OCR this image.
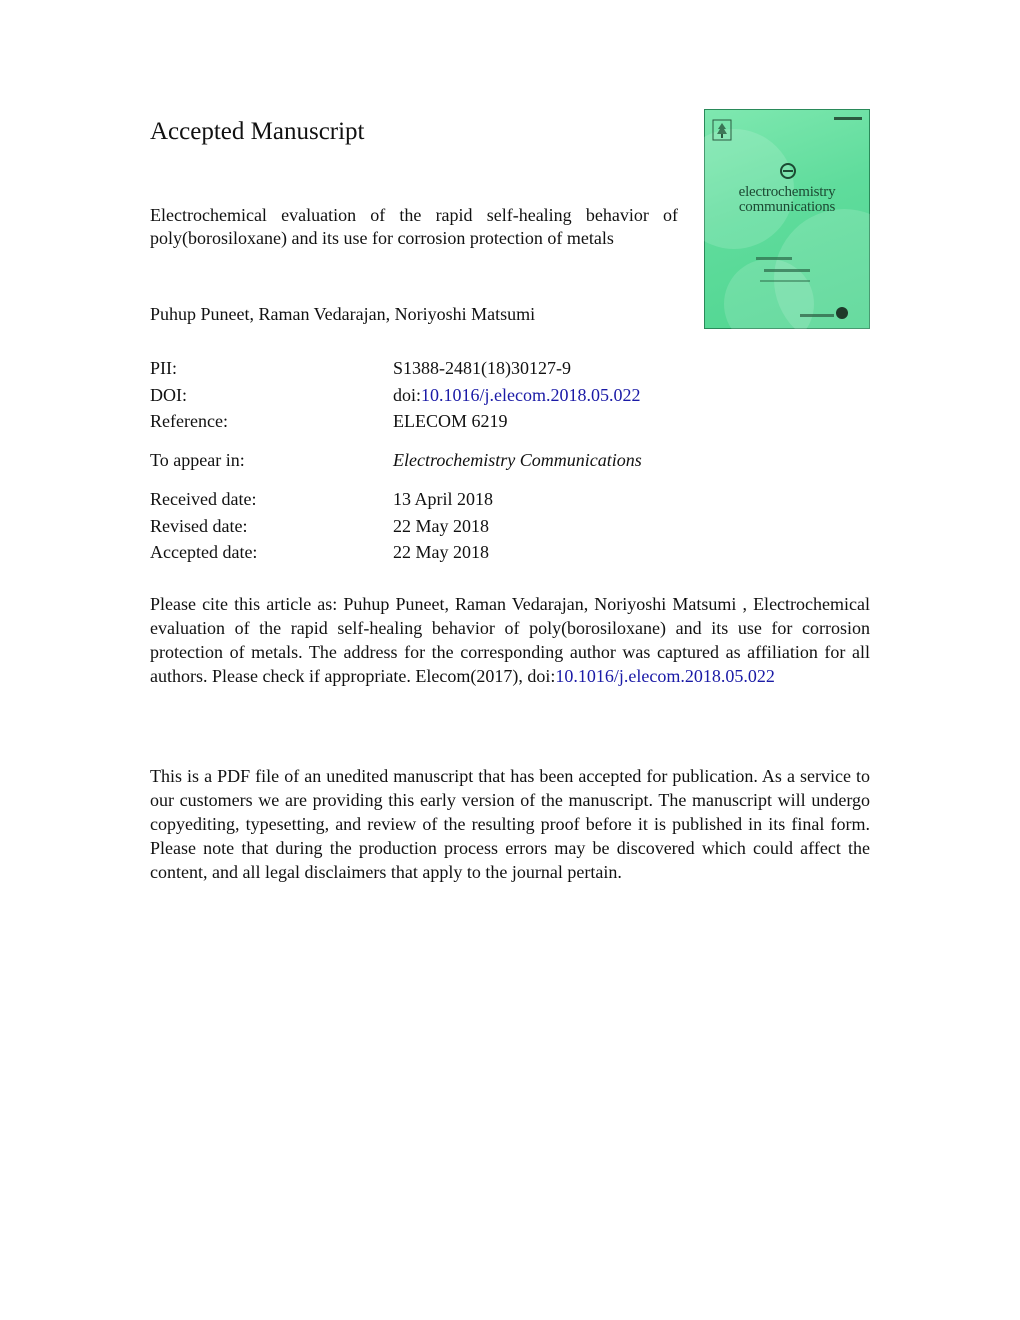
Accepted Manuscript
Electrochemical evaluation of the rapid self-healing behavior of poly(borosiloxane) and its use for corrosion protection of metals
Puhup Puneet, Raman Vedarajan, Noriyoshi Matsumi
electrochemistry
communications
PII:	S1388-2481(18)30127-9
DOI:	doi:10.1016/j.elecom.2018.05.022
Reference:	ELECOM 6219
To appear in:	Electrochemistry Communications
Received date:	13 April 2018
Revised date:	22 May 2018
Accepted date:	22 May 2018
Please cite this article as: Puhup Puneet, Raman Vedarajan, Noriyoshi Matsumi , Electrochemical evaluation of the rapid self-healing behavior of poly(borosiloxane) and its use for corrosion protection of metals. The address for the corresponding author was captured as affiliation for all authors. Please check if appropriate. Elecom(2017), doi:10.1016/j.elecom.2018.05.022
This is a PDF file of an unedited manuscript that has been accepted for publication. As a service to our customers we are providing this early version of the manuscript. The manuscript will undergo copyediting, typesetting, and review of the resulting proof before it is published in its final form. Please note that during the production process errors may be discovered which could affect the content, and all legal disclaimers that apply to the journal pertain.
